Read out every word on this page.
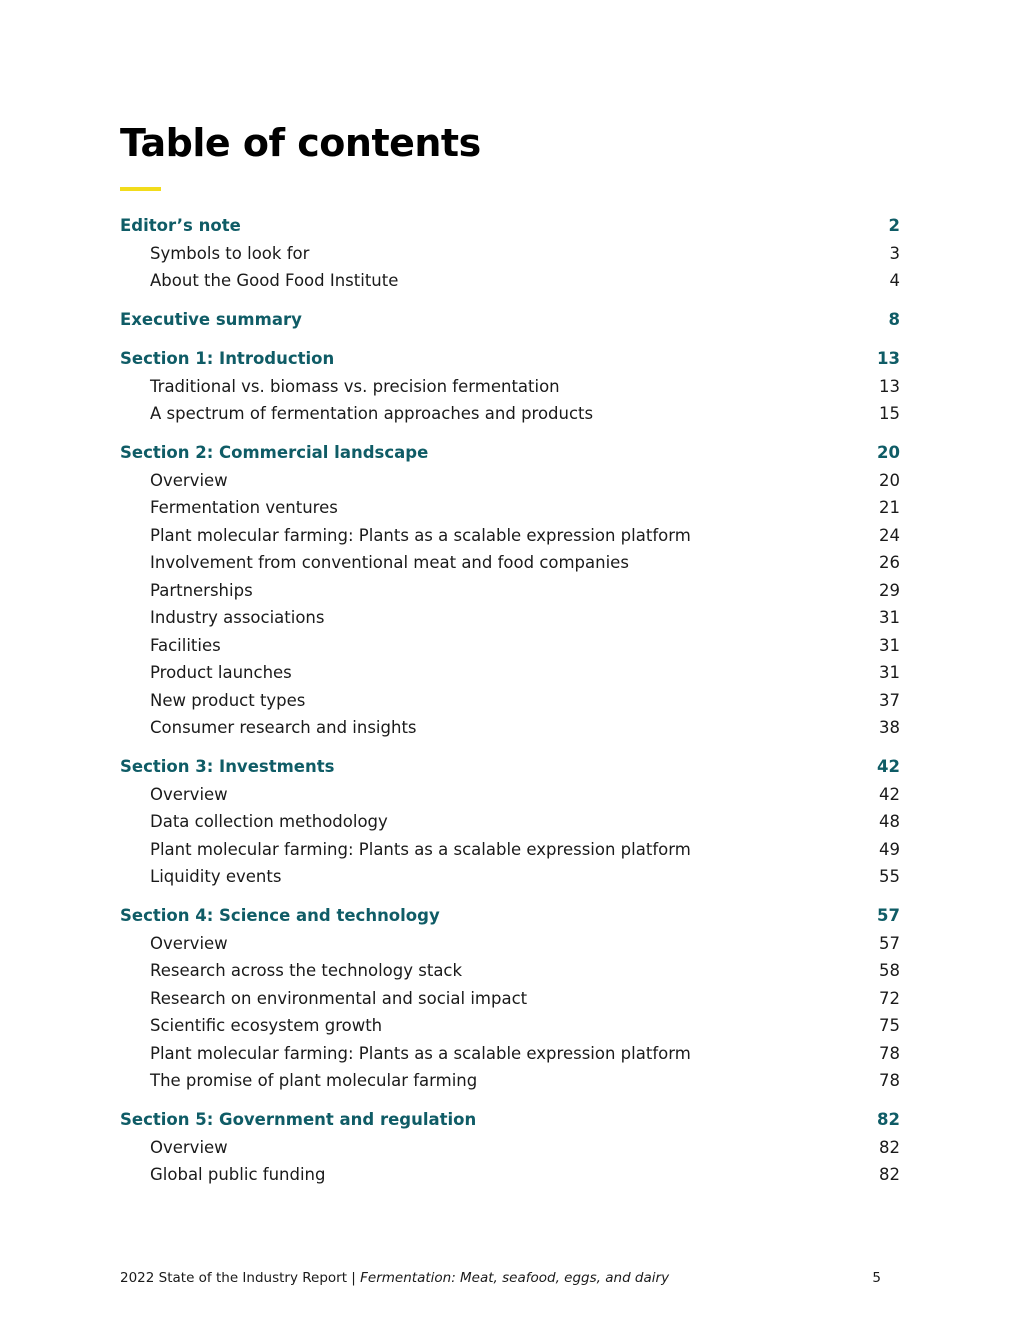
Table of contents
Editor’s note	2
Symbols to look for	3
About the Good Food Institute	4
Executive summary	8
Section 1: Introduction	13
Traditional vs. biomass vs. precision fermentation	13
A spectrum of fermentation approaches and products	15
Section 2: Commercial landscape	20
Overview	20
Fermentation ventures	21
Plant molecular farming: Plants as a scalable expression platform	24
Involvement from conventional meat and food companies	26
Partnerships	29
Industry associations	31
Facilities	31
Product launches	31
New product types	37
Consumer research and insights	38
Section 3: Investments	42
Overview	42
Data collection methodology	48
Plant molecular farming: Plants as a scalable expression platform	49
Liquidity events	55
Section 4: Science and technology	57
Overview	57
Research across the technology stack	58
Research on environmental and social impact	72
Scientific ecosystem growth	75
Plant molecular farming: Plants as a scalable expression platform	78
The promise of plant molecular farming	78
Section 5: Government and regulation	82
Overview	82
Global public funding	82
2022 State of the Industry Report | Fermentation: Meat, seafood, eggs, and dairy	5
